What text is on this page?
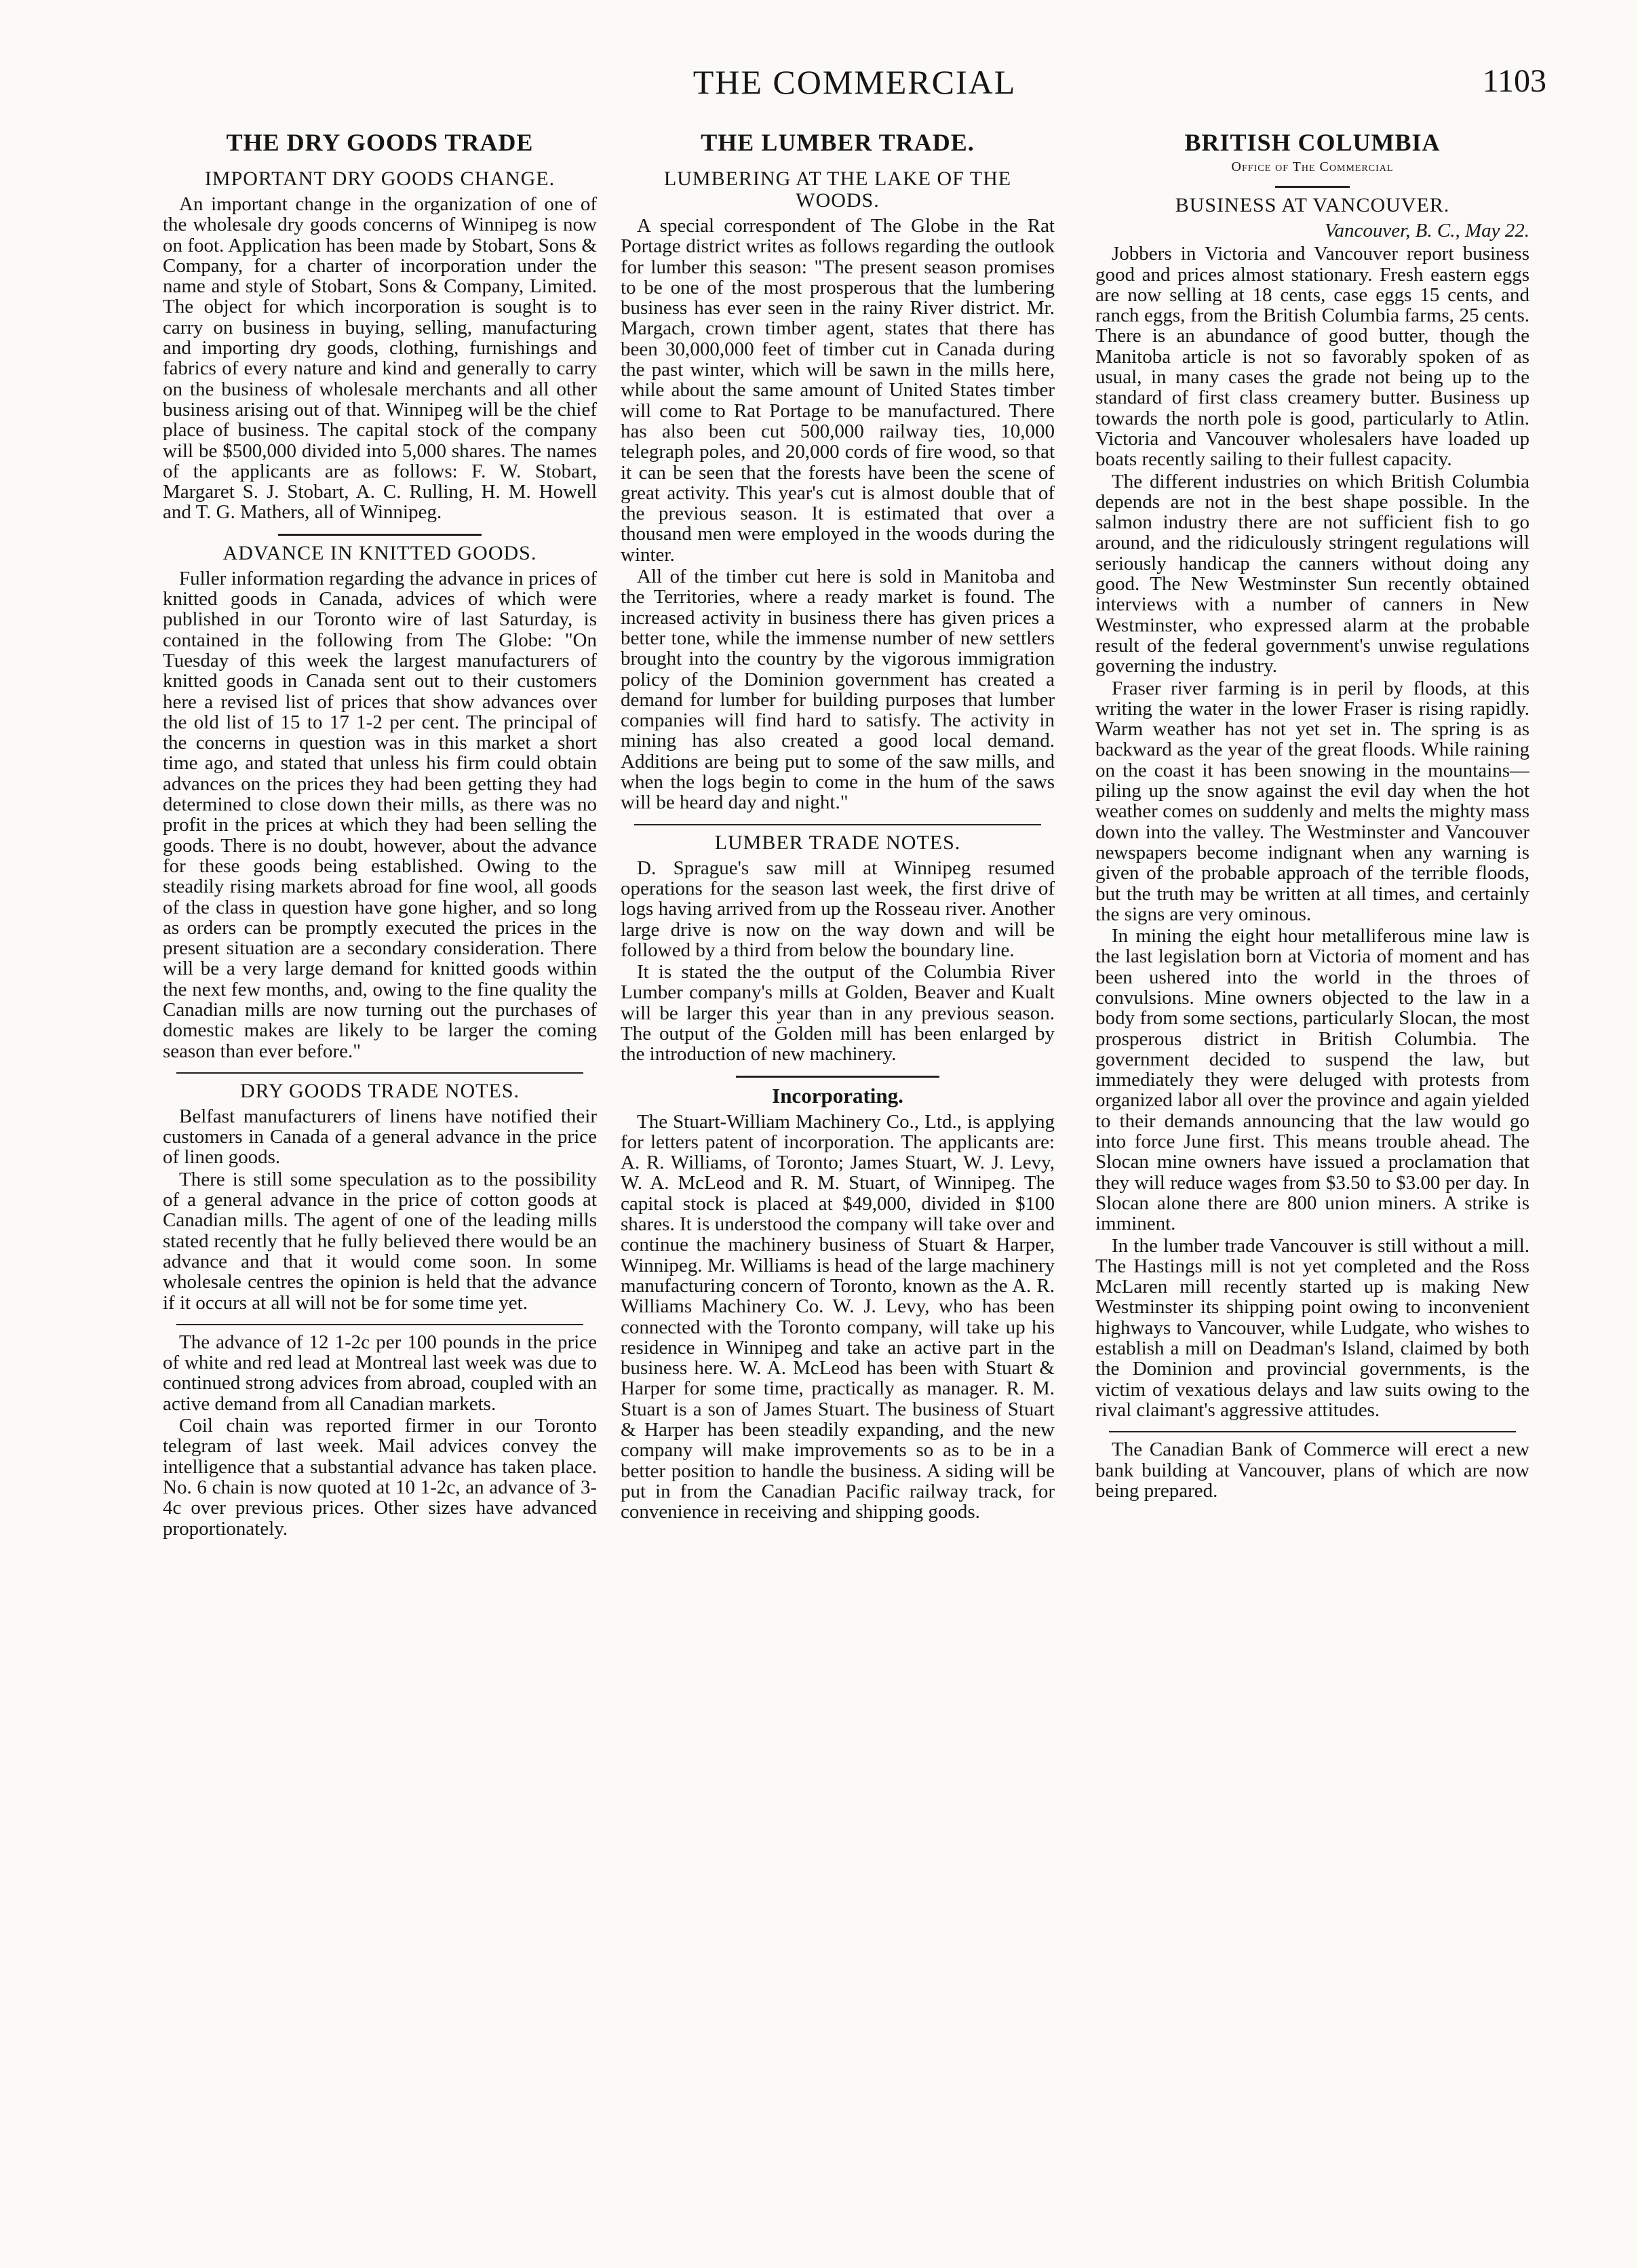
THE COMMERCIAL	1103
THE DRY GOODS TRADE
IMPORTANT DRY GOODS CHANGE.

An important change in the organization of one of the wholesale dry goods concerns of Winnipeg is now on foot. Application has been made by Stobart, Sons & Company, for a charter of incorporation under the name and style of Stobart, Sons & Company, Limited. The object for which incorporation is sought is to carry on business in buying, selling, manufacturing and importing dry goods, clothing, furnishings and fabrics of every nature and kind and generally to carry on the business of wholesale merchants and all other business arising out of that. Winnipeg will be the chief place of business. The capital stock of the company will be $500,000 divided into 5,000 shares. The names of the applicants are as follows: F. W. Stobart, Margaret S. J. Stobart, A. C. Rulling, H. M. Howell and T. G. Mathers, all of Winnipeg.

ADVANCE IN KNITTED GOODS.

Fuller information regarding the advance in prices of knitted goods in Canada, advices of which were published in our Toronto wire of last Saturday, is contained in the following from The Globe: "On Tuesday of this week the largest manufacturers of knitted goods in Canada sent out to their customers here a revised list of prices that show advances over the old list of 15 to 17 1-2 per cent. The principal of the concerns in question was in this market a short time ago, and stated that unless his firm could obtain advances on the prices they had been getting they had determined to close down their mills, as there was no profit in the prices at which they had been selling the goods. There is no doubt, however, about the advance for these goods being established. Owing to the steadily rising markets abroad for fine wool, all goods of the class in question have gone higher, and so long as orders can be promptly executed the prices in the present situation are a secondary consideration. There will be a very large demand for knitted goods within the next few months, and, owing to the fine quality the Canadian mills are now turning out the purchases of domestic makes are likely to be larger the coming season than ever before."

DRY GOODS TRADE NOTES.

Belfast manufacturers of linens have notified their customers in Canada of a general advance in the price of linen goods.

There is still some speculation as to the possibility of a general advance in the price of cotton goods at Canadian mills. The agent of one of the leading mills stated recently that he fully believed there would be an advance and that it would come soon. In some wholesale centres the opinion is held that the advance if it occurs at all will not be for some time yet.

The advance of 12 1-2c per 100 pounds in the price of white and red lead at Montreal last week was due to continued strong advices from abroad, coupled with an active demand from all Canadian markets.

Coil chain was reported firmer in our Toronto telegram of last week. Mail advices convey the intelligence that a substantial advance has taken place. No. 6 chain is now quoted at 10 1-2c, an advance of 3-4c over previous prices. Other sizes have advanced proportionately.

THE LUMBER TRADE.
LUMBERING AT THE LAKE OF THE WOODS.

A special correspondent of The Globe in the Rat Portage district writes as follows regarding the outlook for lumber this season: "The present season promises to be one of the most prosperous that the lumbering business has ever seen in the rainy River district. Mr. Margach, crown timber agent, states that there has been 30,000,000 feet of timber cut in Canada during the past winter, which will be sawn in the mills here, while about the same amount of United States timber will come to Rat Portage to be manufactured. There has also been cut 500,000 railway ties, 10,000 telegraph poles, and 20,000 cords of fire wood, so that it can be seen that the forests have been the scene of great activity. This year's cut is almost double that of the previous season. It is estimated that over a thousand men were employed in the woods during the winter.

All of the timber cut here is sold in Manitoba and the Territories, where a ready market is found. The increased activity in business there has given prices a better tone, while the immense number of new settlers brought into the country by the vigorous immigration policy of the Dominion government has created a demand for lumber for building purposes that lumber companies will find hard to satisfy. The activity in mining has also created a good local demand. Additions are being put to some of the saw mills, and when the logs begin to come in the hum of the saws will be heard day and night."

LUMBER TRADE NOTES.

D. Sprague's saw mill at Winnipeg resumed operations for the season last week, the first drive of logs having arrived from up the Rosseau river. Another large drive is now on the way down and will be followed by a third from below the boundary line.

It is stated the the output of the Columbia River Lumber company's mills at Golden, Beaver and Kualt will be larger this year than in any previous season. The output of the Golden mill has been enlarged by the introduction of new machinery.

Incorporating.

The Stuart-William Machinery Co., Ltd., is applying for letters patent of incorporation. The applicants are: A. R. Williams, of Toronto; James Stuart, W. J. Levy, W. A. McLeod and R. M. Stuart, of Winnipeg. The capital stock is placed at $49,000, divided in $100 shares. It is understood the company will take over and continue the machinery business of Stuart & Harper, Winnipeg. Mr. Williams is head of the large machinery manufacturing concern of Toronto, known as the A. R. Williams Machinery Co. W. J. Levy, who has been connected with the Toronto company, will take up his residence in Winnipeg and take an active part in the business here. W. A. McLeod has been with Stuart & Harper for some time, practically as manager. R. M. Stuart is a son of James Stuart. The business of Stuart & Harper has been steadily expanding, and the new company will make improvements so as to be in a better position to handle the business. A siding will be put in from the Canadian Pacific railway track, for convenience in receiving and shipping goods.

BRITISH COLUMBIA
Office of The Commercial
BUSINESS AT VANCOUVER.
Vancouver, B. C., May 22.

Jobbers in Victoria and Vancouver report business good and prices almost stationary. Fresh eastern eggs are now selling at 18 cents, case eggs 15 cents, and ranch eggs, from the British Columbia farms, 25 cents. There is an abundance of good butter, though the Manitoba article is not so favorably spoken of as usual, in many cases the grade not being up to the standard of first class creamery butter. Business up towards the north pole is good, particularly to Atlin. Victoria and Vancouver wholesalers have loaded up boats recently sailing to their fullest capacity.

The different industries on which British Columbia depends are not in the best shape possible. In the salmon industry there are not sufficient fish to go around, and the ridiculously stringent regulations will seriously handicap the canners without doing any good. The New Westminster Sun recently obtained interviews with a number of canners in New Westminster, who expressed alarm at the probable result of the federal government's unwise regulations governing the industry.

Fraser river farming is in peril by floods, at this writing the water in the lower Fraser is rising rapidly. Warm weather has not yet set in. The spring is as backward as the year of the great floods. While raining on the coast it has been snowing in the mountains—piling up the snow against the evil day when the hot weather comes on suddenly and melts the mighty mass down into the valley. The Westminster and Vancouver newspapers become indignant when any warning is given of the probable approach of the terrible floods, but the truth may be written at all times, and certainly the signs are very ominous.

In mining the eight hour metalliferous mine law is the last legislation born at Victoria of moment and has been ushered into the world in the throes of convulsions. Mine owners objected to the law in a body from some sections, particularly Slocan, the most prosperous district in British Columbia. The government decided to suspend the law, but immediately they were deluged with protests from organized labor all over the province and again yielded to their demands announcing that the law would go into force June first. This means trouble ahead. The Slocan mine owners have issued a proclamation that they will reduce wages from $3.50 to $3.00 per day. In Slocan alone there are 800 union miners. A strike is imminent.

In the lumber trade Vancouver is still without a mill. The Hastings mill is not yet completed and the Ross McLaren mill recently started up is making New Westminster its shipping point owing to inconvenient highways to Vancouver, while Ludgate, who wishes to establish a mill on Deadman's Island, claimed by both the Dominion and provincial governments, is the victim of vexatious delays and law suits owing to the rival claimant's aggressive attitudes.

The Canadian Bank of Commerce will erect a new bank building at Vancouver, plans of which are now being prepared.
